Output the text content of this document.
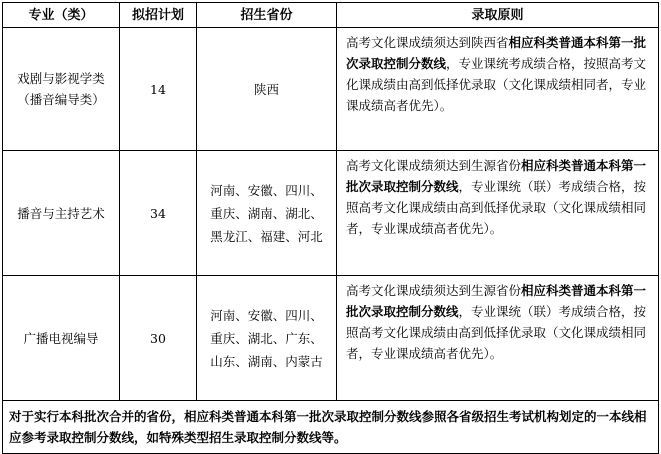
专业（类）	拟招计划	招生省份	录取原则

戏剧与影视学类
（播音编导类）	14	陕西	高考文化课成绩须达到陕西省相应科类普通本科第一批次录取控制分数线，专业课统考成绩合格，按照高考文化课成绩由高到低择优录取（文化课成绩相同者，专业课成绩高者优先）。

播音与主持艺术	34	河南、安徽、四川、
重庆、湖南、湖北、
黑龙江、福建、河北	高考文化课成绩须达到生源省份相应科类普通本科第一批次录取控制分数线，专业课统（联）考成绩合格，按照高考文化课成绩由高到低择优录取（文化课成绩相同者，专业课成绩高者优先）。

广播电视编导	30	河南、安徽、四川、
重庆、湖北、广东、
山东、湖南、内蒙古	高考文化课成绩须达到生源省份相应科类普通本科第一批次录取控制分数线，专业课统（联）考成绩合格，按照高考文化课成绩由高到低择优录取（文化课成绩相同者，专业课成绩高者优先）。
对于实行本科批次合并的省份，相应科类普通本科第一批次录取控制分数线参照各省级招生考试机构划定的一本线相应参考录取控制分数线，如特殊类型招生录取控制分数线等。			
